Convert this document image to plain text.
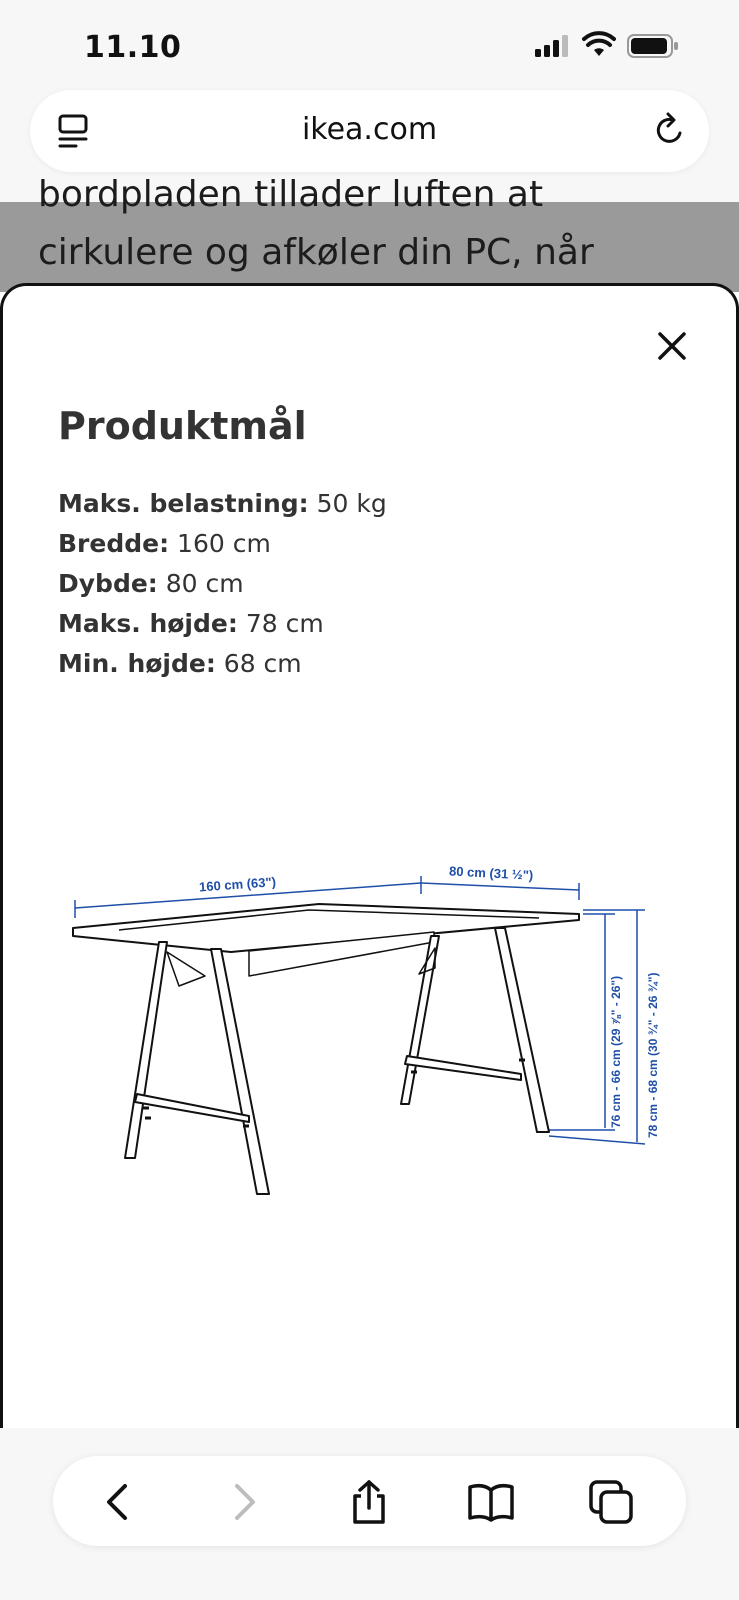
11.10
ikea.com
bordpladen tillader luften at
cirkulere og afkøler din PC, når
Produktmål
Maks. belastning: 50 kg
Bredde: 160 cm
Dybde: 80 cm
Maks. højde: 78 cm
Min. højde: 68 cm
160 cm (63")
80 cm (31 ½")
76 cm - 66 cm (29 ⅞" - 26") 78 cm - 68 cm (30 ¾" - 26 ¾")
